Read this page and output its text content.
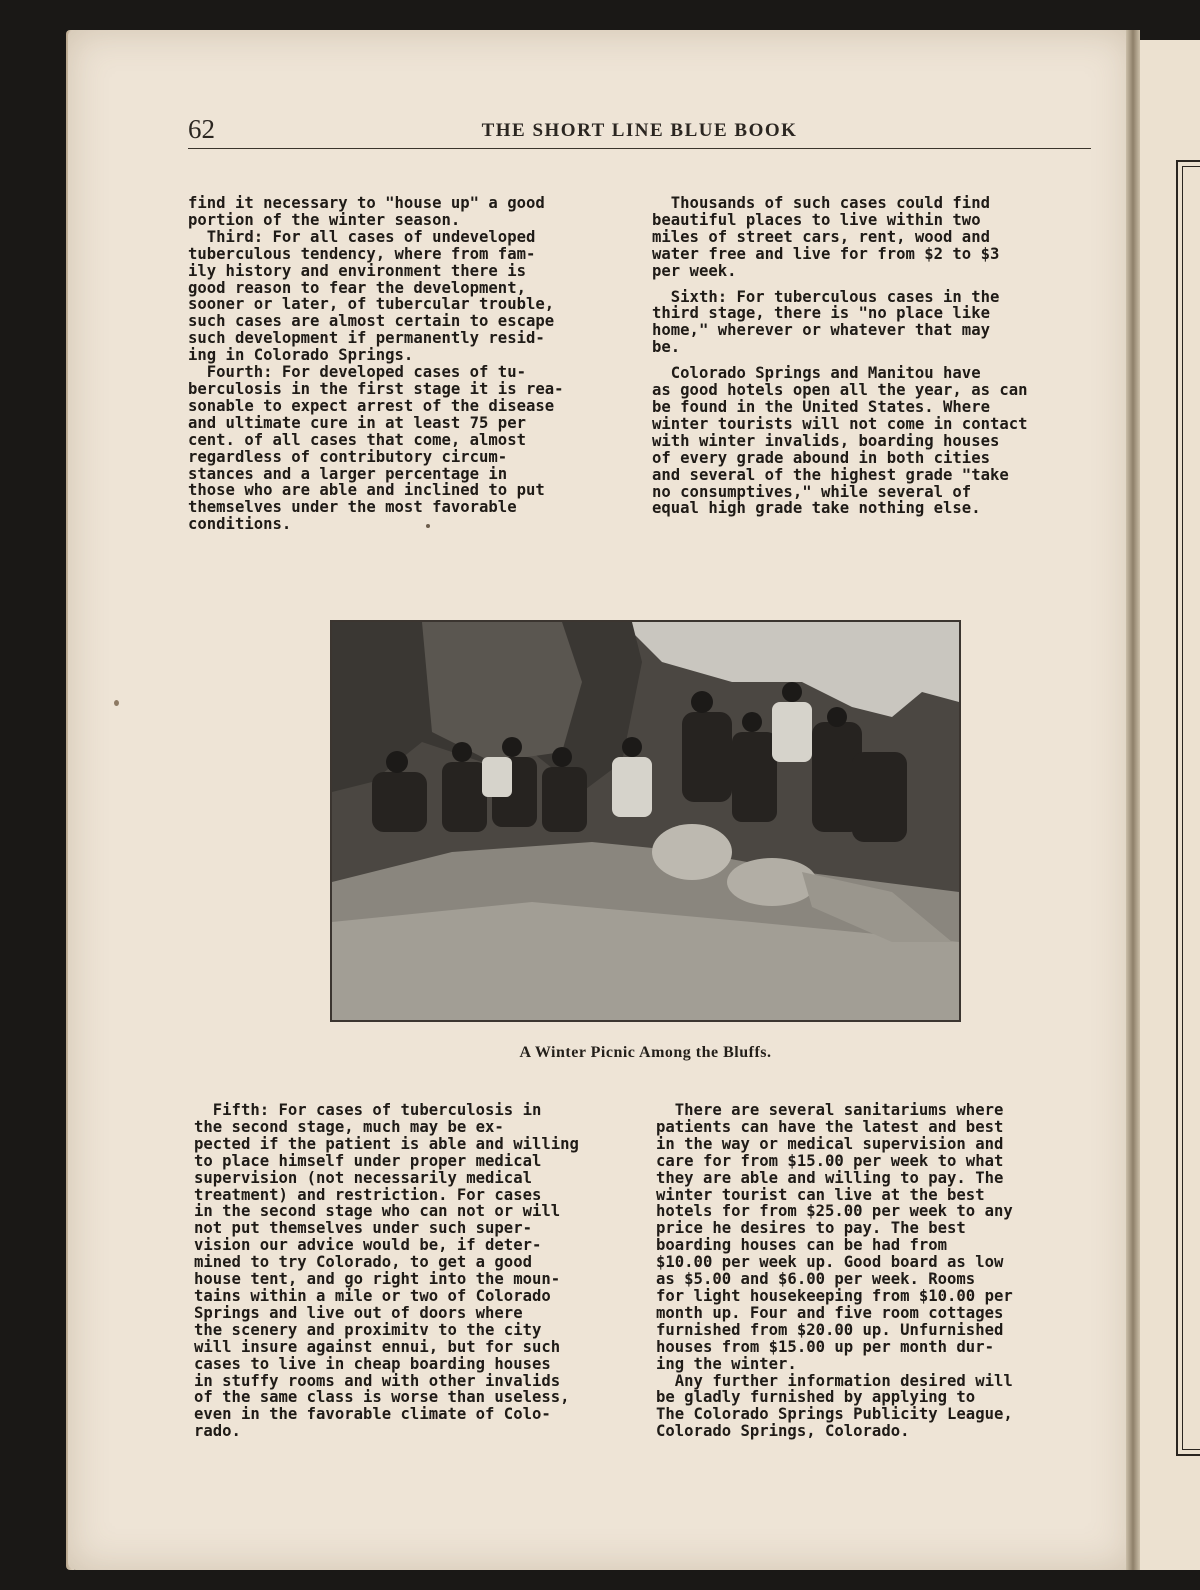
62	THE SHORT LINE BLUE BOOK
find it necessary to "house up" a good
portion of the winter season.
Third: For all cases of undeveloped
tuberculous tendency, where from fam-
ily history and environment there is
good reason to fear the development,
sooner or later, of tubercular trouble,
such cases are almost certain to escape
such development if permanently resid-
ing in Colorado Springs.
Fourth: For developed cases of tu-
berculosis in the first stage it is rea-
sonable to expect arrest of the disease
and ultimate cure in at least 75 per
cent. of all cases that come, almost
regardless of contributory circum-
stances and a larger percentage in
those who are able and inclined to put
themselves under the most favorable
conditions.

Thousands of such cases could find
beautiful places to live within two
miles of street cars, rent, wood and
water free and live for from $2 to $3
per week.

Sixth: For tuberculous cases in the
third stage, there is "no place like
home," wherever or whatever that may
be.

Colorado Springs and Manitou have
as good hotels open all the year, as can
be found in the United States. Where
winter tourists will not come in contact
with winter invalids, boarding houses
of every grade abound in both cities
and several of the highest grade "take
no consumptives," while several of
equal high grade take nothing else.

A Winter Picnic Among the Bluffs.
Fifth: For cases of tuberculosis in
the second stage, much may be ex-
pected if the patient is able and willing
to place himself under proper medical
supervision (not necessarily medical
treatment) and restriction. For cases
in the second stage who can not or will
not put themselves under such super-
vision our advice would be, if deter-
mined to try Colorado, to get a good
house tent, and go right into the moun-
tains within a mile or two of Colorado
Springs and live out of doors where
the scenery and proximitv to the city
will insure against ennui, but for such
cases to live in cheap boarding houses
in stuffy rooms and with other invalids
of the same class is worse than useless,
even in the favorable climate of Colo-
rado.
There are several sanitariums where
patients can have the latest and best
in the way or medical supervision and
care for from $15.00 per week to what
they are able and willing to pay. The
winter tourist can live at the best
hotels for from $25.00 per week to any
price he desires to pay. The best
boarding houses can be had from
$10.00 per week up. Good board as low
as $5.00 and $6.00 per week. Rooms
for light housekeeping from $10.00 per
month up. Four and five room cottages
furnished from $20.00 up. Unfurnished
houses from $15.00 up per month dur-
ing the winter.
Any further information desired will
be gladly furnished by applying to
The Colorado Springs Publicity League,
Colorado Springs, Colorado.
